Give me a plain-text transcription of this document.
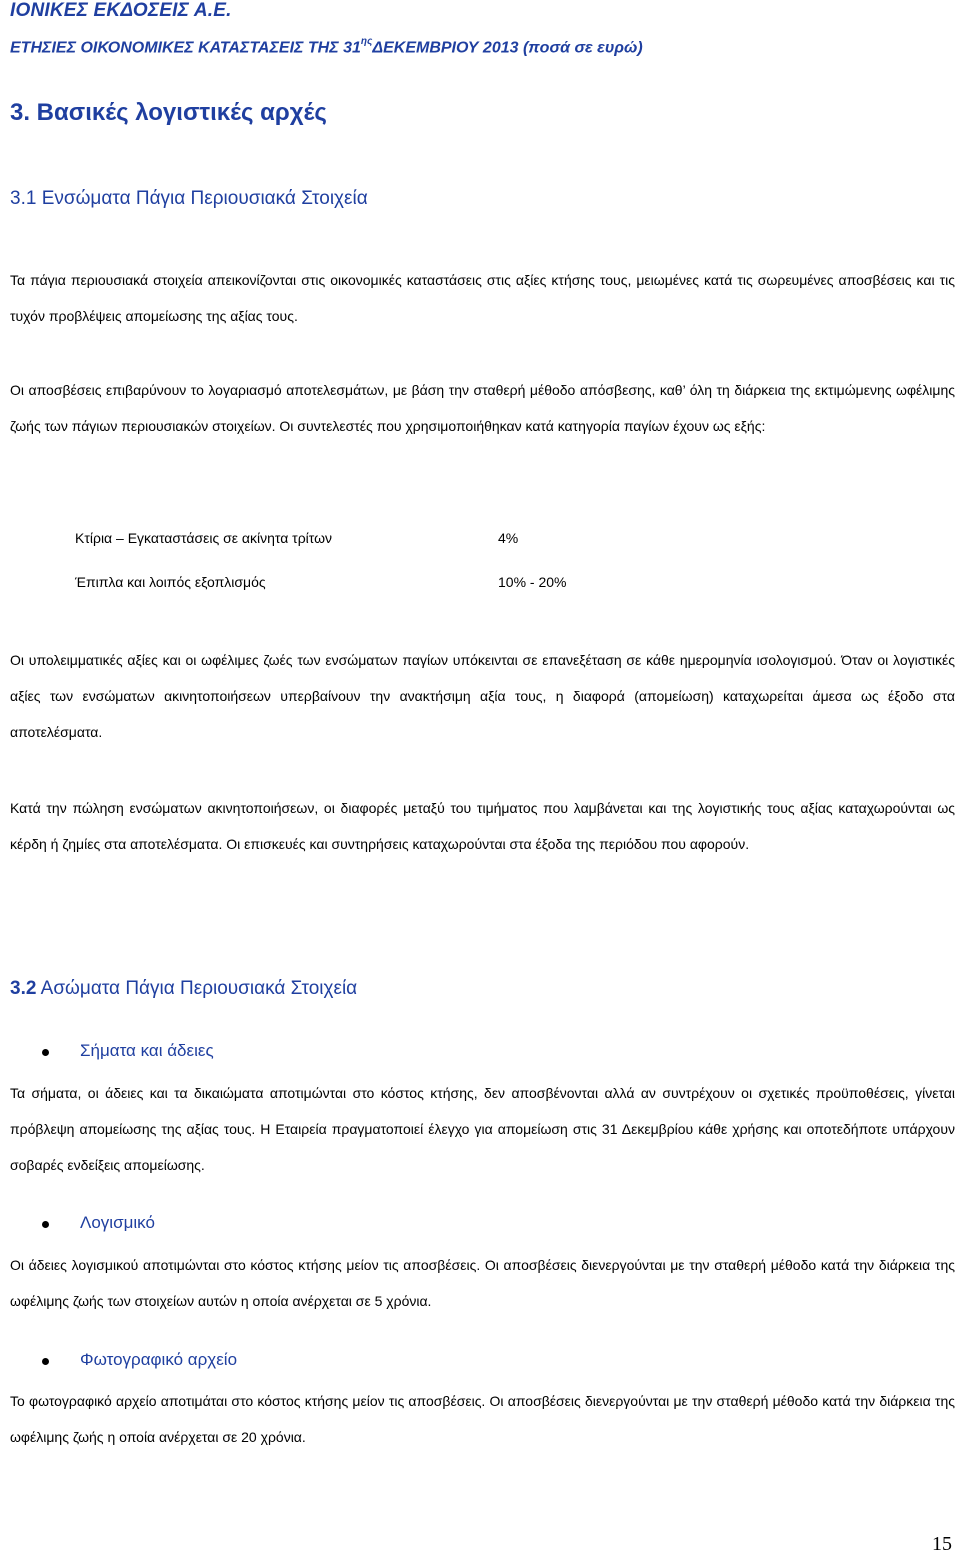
ΙΟΝΙΚΕΣ ΕΚΔΟΣΕΙΣ Α.Ε.
ΕΤΗΣΙΕΣ ΟΙΚΟΝΟΜΙΚΕΣ ΚΑΤΑΣΤΑΣΕΙΣ ΤΗΣ $31^{\eta\varsigma}\Delta EKEMBPIO\Upsilon$ 2013 (ποσά σε ευρώ)
3. Βασικές λογιστικές αρχές
3.1 Ενσώματα Πάγια Περιουσιακά Στοιχεία
Τα πάγια περιουσιακά στοιχεία απεικονίζονται στις οικονομικές καταστάσεις στις αξίες κτήσης τους, μειωμένες κατά τις σωρευμένες αποσβέσεις και τις τυχόν προβλέψεις απομείωσης της αξίας τους.
Οι αποσβέσεις επιβαρύνουν το λογαριασμό αποτελεσμάτων, με βάση την σταθερή μέθοδο απόσβεσης, καθ’ όλη τη διάρκεια της εκτιμώμενης ωφέλιμης ζωής των πάγιων περιουσιακών στοιχείων. Οι συντελεστές που χρησιμοποιήθηκαν κατά κατηγορία παγίων έχουν ως εξής:
Κτίρια – Εγκαταστάσεις σε ακίνητα τρίτων	4%
Έπιπλα και λοιπός εξοπλισμός	10% - 20%
Οι υπολειμματικές αξίες και οι ωφέλιμες ζωές των ενσώματων παγίων υπόκεινται σε επανεξέταση σε κάθε ημερομηνία ισολογισμού. Όταν οι λογιστικές αξίες των ενσώματων ακινητοποιήσεων υπερβαίνουν την ανακτήσιμη αξία τους, η διαφορά (απομείωση) καταχωρείται άμεσα ως έξοδο στα αποτελέσματα.
Κατά την πώληση ενσώματων ακινητοποιήσεων, οι διαφορές μεταξύ του τιμήματος που λαμβάνεται και της λογιστικής τους αξίας καταχωρούνται ως κέρδη ή ζημίες στα αποτελέσματα. Οι επισκευές και συντηρήσεις καταχωρούνται στα έξοδα της περιόδου που αφορούν.
3.2 Ασώματα Πάγια Περιουσιακά Στοιχεία
Σήματα και άδειες
Τα σήματα, οι άδειες και τα δικαιώματα αποτιμώνται στο κόστος κτήσης, δεν αποσβένονται αλλά αν συντρέχουν οι σχετικές προϋποθέσεις, γίνεται πρόβλεψη απομείωσης της αξίας τους. Η Εταιρεία πραγματοποιεί έλεγχο για απομείωση στις 31 Δεκεμβρίου κάθε χρήσης και οποτεδήποτε υπάρχουν σοβαρές ενδείξεις απομείωσης.
Λογισμικό
Οι άδειες λογισμικού αποτιμώνται στο κόστος κτήσης μείον τις αποσβέσεις. Οι αποσβέσεις διενεργούνται με την σταθερή μέθοδο κατά την διάρκεια της ωφέλιμης ζωής των στοιχείων αυτών η οποία ανέρχεται σε 5 χρόνια.
Φωτογραφικό αρχείο
Το φωτογραφικό αρχείο αποτιμάται στο κόστος κτήσης μείον τις αποσβέσεις. Οι αποσβέσεις διενεργούνται με την σταθερή μέθοδο κατά την διάρκεια της ωφέλιμης ζωής η οποία ανέρχεται σε 20 χρόνια.
15
